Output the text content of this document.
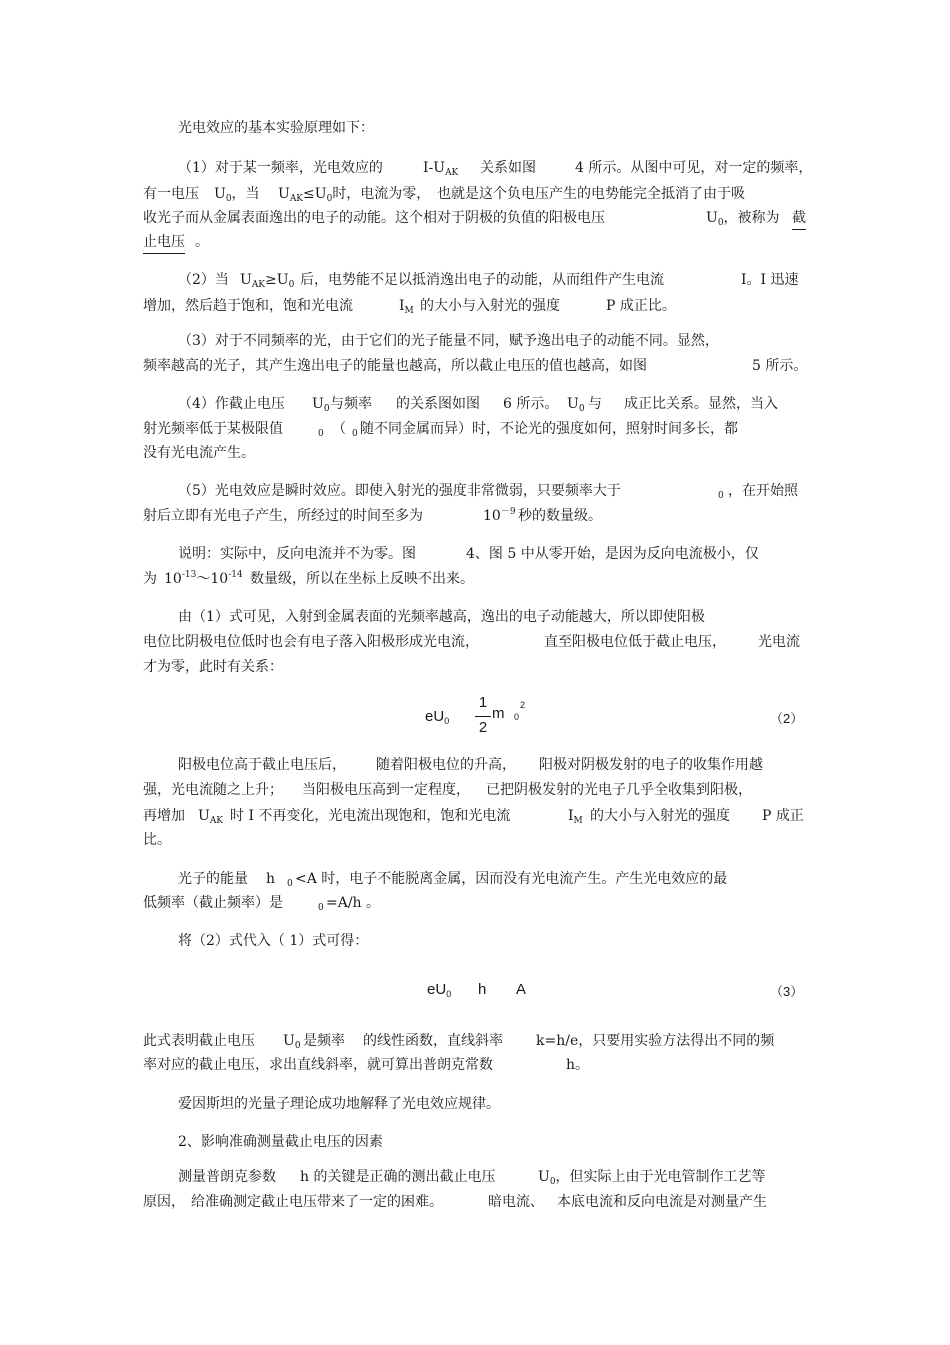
光电效应的基本实验原理如下：
（1）对于某一频率，光电效应的	$I-U_{AK}$ 关系如图	4 所示。从图中可见，对一定的频率，
有一电压 $U_0$，当 $U_{AK}\le U_0$时，电流为零， 也就是这个负电压产生的电势能完全抵消了由于吸
收光子而从金属表面逸出的电子的动能。这个相对于阴极的负值的阳极电压	$U_0$，被称为 截
止电压 。
（2）当 $U_{AK}\ge U_0$ 后，电势能不足以抵消逸出电子的动能，从而组件产生电流	I。I 迅速
增加，然后趋于饱和，饱和光电流	$I_M$ 的大小与入射光的强度	P 成正比。
（3）对于不同频率的光，由于它们的光子能量不同，赋予逸出电子的动能不同。显然，
频率越高的光子，其产生逸出电子的能量也越高，所以截止电压的值也越高，如图	5 所示。
（4）作截止电压 $U_0$ 与频率 的关系图如图 6 所示。 $U_0$ 与 成正比关系。显然，当入
射光频率低于某极限值	$_0$ （ $_0$ 随不同金属而异）时，不论光的强度如何，照射时间多长，都
没有光电流产生。
（5）光电效应是瞬时效应。即使入射光的强度非常微弱，只要频率大于	$_0$ ，在开始照
射后立即有光电子产生，所经过的时间至多为	$10^{-9}$ 秒的数量级。
说明：实际中，反向电流并不为零。图	4、图 5 中从零开始，是因为反向电流极小，仅
为 $10^{-13}\sim 10^{-14}$ 数量级，所以在坐标上反映不出来。
由（1）式可见，入射到金属表面的光频率越高，逸出的电子动能越大，所以即使阳极
电位比阴极电位低时也会有电子落入阳极形成光电流，	直至阳极电位低于截止电压， 光电流
才为零，此时有关系：
$eU_0$
1
2
m 0
2
（2）
阳极电位高于截止电压后， 随着阳极电位的升高， 阳极对阴极发射的电子的收集作用越
强，光电流随之上升； 当阳极电压高到一定程度， 已把阴极发射的光电子几乎全收集到阳极，
再增加 $U_{AK}$ 时 I 不再变化，光电流出现饱和，饱和光电流	$I_M$ 的大小与入射光的强度 P 成正
比。
光子的能量 h $_0$ <A 时，电子不能脱离金属，因而没有光电流产生。产生光电效应的最
低频率（截止频率）是	$_0$ =A/h 。
将（2）式代入（ 1）式可得：
$eU_0$ h A	（3）
此式表明截止电压 $U_0$ 是频率 的线性函数，直线斜率 k=h/e，只要用实验方法得出不同的频
率对应的截止电压，求出直线斜率，就可算出普朗克常数	h。
爱因斯坦的光量子理论成功地解释了光电效应规律。
2、影响准确测量截止电压的因素
测量普朗克参数 h 的关键是正确的测出截止电压	$U_0$，但实际上由于光电管制作工艺等
原因， 给准确测定截止电压带来了一定的困难。	暗电流、 本底电流和反向电流是对测量产生
